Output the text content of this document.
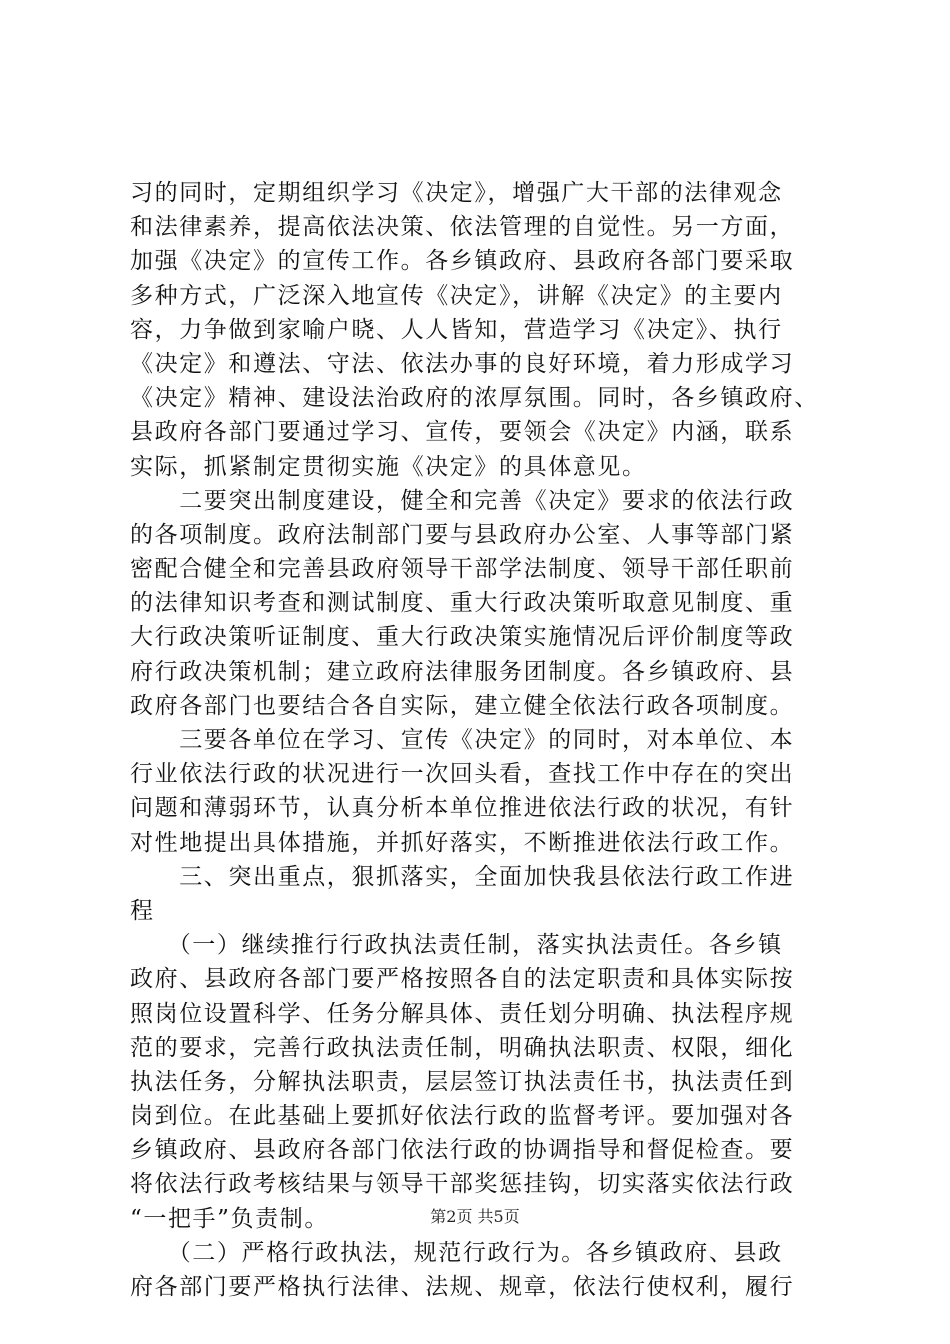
习的同时，定期组织学习《决定》，增强广大干部的法律观念
和法律素养，提高依法决策、依法管理的自觉性。另一方面，
加强《决定》的宣传工作。各乡镇政府、县政府各部门要采取
多种方式，广泛深入地宣传《决定》，讲解《决定》的主要内
容，力争做到家喻户晓、人人皆知，营造学习《决定》、执行
《决定》和遵法、守法、依法办事的良好环境，着力形成学习
《决定》精神、建设法治政府的浓厚氛围。同时，各乡镇政府、
县政府各部门要通过学习、宣传，要领会《决定》内涵，联系
实际，抓紧制定贯彻实施《决定》的具体意见。
　　二要突出制度建设，健全和完善《决定》要求的依法行政
的各项制度。政府法制部门要与县政府办公室、人事等部门紧
密配合健全和完善县政府领导干部学法制度、领导干部任职前
的法律知识考查和测试制度、重大行政决策听取意见制度、重
大行政决策听证制度、重大行政决策实施情况后评价制度等政
府行政决策机制；建立政府法律服务团制度。各乡镇政府、县
政府各部门也要结合各自实际，建立健全依法行政各项制度。
　　三要各单位在学习、宣传《决定》的同时，对本单位、本
行业依法行政的状况进行一次回头看，查找工作中存在的突出
问题和薄弱环节，认真分析本单位推进依法行政的状况，有针
对性地提出具体措施，并抓好落实，不断推进依法行政工作。
　　三、突出重点，狠抓落实，全面加快我县依法行政工作进
程
　　（一）继续推行行政执法责任制，落实执法责任。各乡镇
政府、县政府各部门要严格按照各自的法定职责和具体实际按
照岗位设置科学、任务分解具体、责任划分明确、执法程序规
范的要求，完善行政执法责任制，明确执法职责、权限，细化
执法任务，分解执法职责，层层签订执法责任书，执法责任到
岗到位。在此基础上要抓好依法行政的监督考评。要加强对各
乡镇政府、县政府各部门依法行政的协调指导和督促检查。要
将依法行政考核结果与领导干部奖惩挂钩，切实落实依法行政
“一把手”负责制。
　　（二）严格行政执法，规范行政行为。各乡镇政府、县政
府各部门要严格执行法律、法规、规章，依法行使权利，履行
第2页 共5页
